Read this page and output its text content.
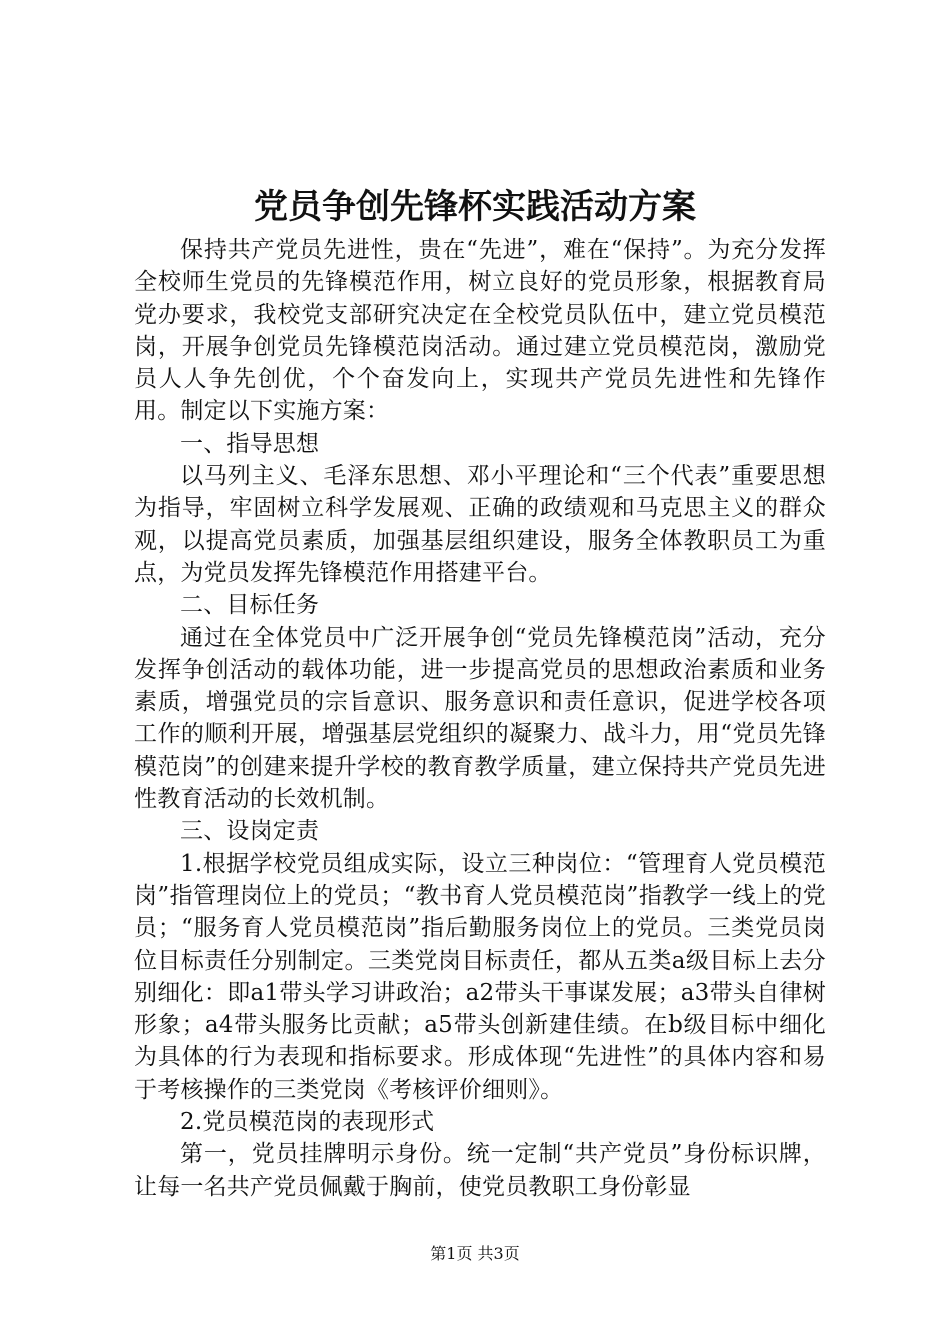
党员争创先锋杯实践活动方案

保持共产党员先进性，贵在“先进”，难在“保持”。为充分发挥全校师生党员的先锋模范作用，树立良好的党员形象，根据教育局党办要求，我校党支部研究决定在全校党员队伍中，建立党员模范岗，开展争创党员先锋模范岗活动。通过建立党员模范岗，激励党员人人争先创优，个个奋发向上，实现共产党员先进性和先锋作用。制定以下实施方案：

一、指导思想

以马列主义、毛泽东思想、邓小平理论和“三个代表”重要思想为指导，牢固树立科学发展观、正确的政绩观和马克思主义的群众观，以提高党员素质，加强基层组织建设，服务全体教职员工为重点，为党员发挥先锋模范作用搭建平台。

二、目标任务

通过在全体党员中广泛开展争创“党员先锋模范岗”活动，充分发挥争创活动的载体功能，进一步提高党员的思想政治素质和业务素质，增强党员的宗旨意识、服务意识和责任意识，促进学校各项工作的顺利开展，增强基层党组织的凝聚力、战斗力，用“党员先锋模范岗”的创建来提升学校的教育教学质量，建立保持共产党员先进性教育活动的长效机制。

三、设岗定责

1.根据学校党员组成实际，设立三种岗位：“管理育人党员模范岗”指管理岗位上的党员；“教书育人党员模范岗”指教学一线上的党员；“服务育人党员模范岗”指后勤服务岗位上的党员。三类党员岗位目标责任分别制定。三类党岗目标责任，都从五类a级目标上去分别细化：即a1带头学习讲政治；a2带头干事谋发展；a3带头自律树形象；a4带头服务比贡献；a5带头创新建佳绩。在b级目标中细化为具体的行为表现和指标要求。形成体现“先进性”的具体内容和易于考核操作的三类党岗《考核评价细则》。

2.党员模范岗的表现形式

第一，党员挂牌明示身份。统一定制“共产党员”身份标识牌，让每一名共产党员佩戴于胸前，使党员教职工身份彰显

第1页 共3页
